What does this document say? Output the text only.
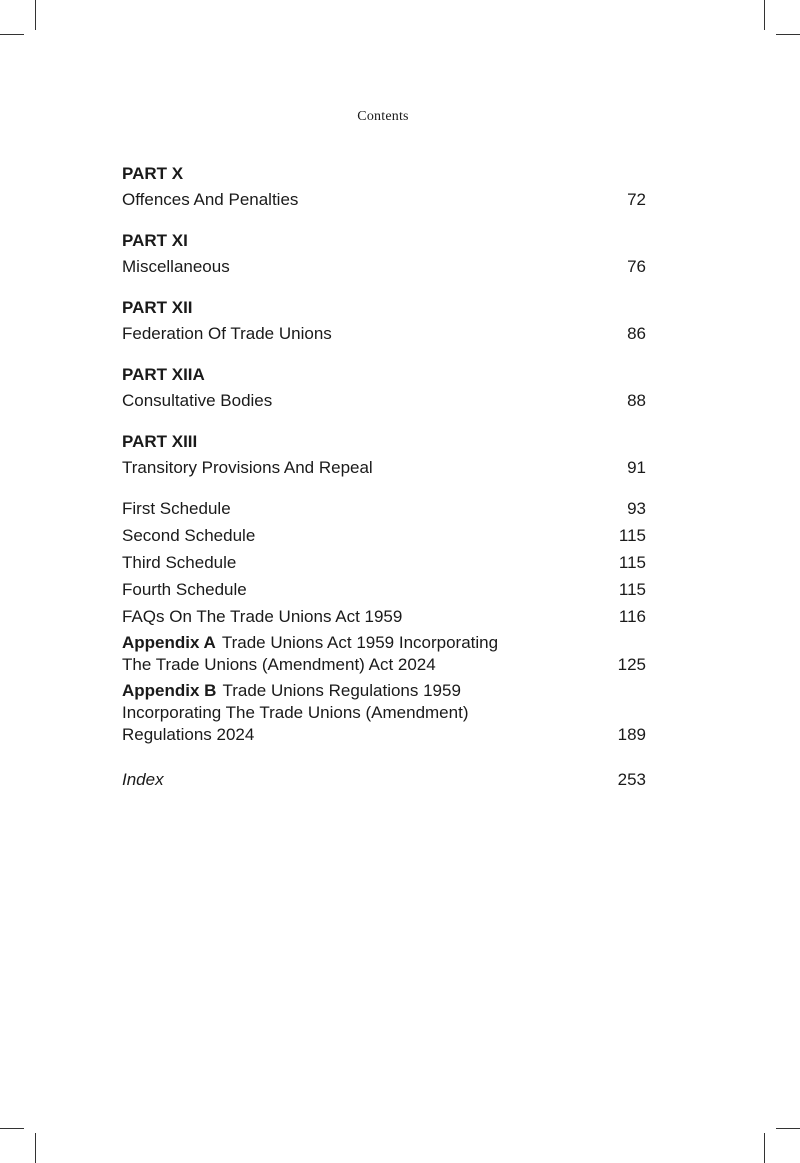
Contents
PART X
Offences And Penalties	72
PART XI
Miscellaneous	76
PART XII
Federation Of Trade Unions	86
PART XIIA
Consultative Bodies	88
PART XIII
Transitory Provisions And Repeal	91
First Schedule	93
Second Schedule	115
Third Schedule	115
Fourth Schedule	115
FAQs On The Trade Unions Act 1959	116
Appendix A Trade Unions Act 1959 Incorporating
The Trade Unions (Amendment) Act 2024	125
Appendix B Trade Unions Regulations 1959
Incorporating The Trade Unions (Amendment)
Regulations 2024	189
Index	253
